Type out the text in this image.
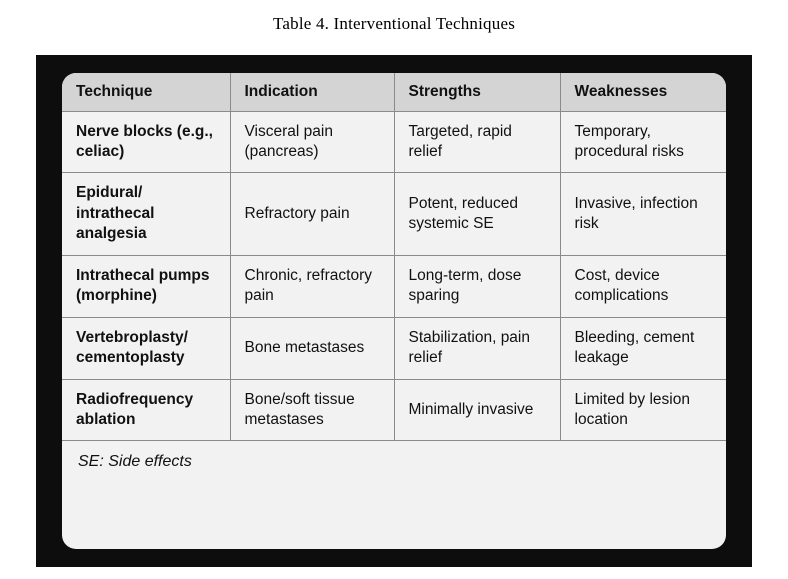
Table 4. Interventional Techniques
Technique	Indication	Strengths	Weaknesses
Nerve blocks (e.g., celiac)	Visceral pain (pancreas)	Targeted, rapid relief	Temporary, procedural risks
Epidural/ intrathecal analgesia	Refractory pain	Potent, reduced systemic SE	Invasive, infection risk
Intrathecal pumps (morphine)	Chronic, refractory pain	Long-term, dose sparing	Cost, device complications
Vertebroplasty/ cementoplasty	Bone metastases	Stabilization, pain relief	Bleeding, cement leakage
Radiofrequency ablation	Bone/soft tissue metastases	Minimally invasive	Limited by lesion location
SE: Side effects
